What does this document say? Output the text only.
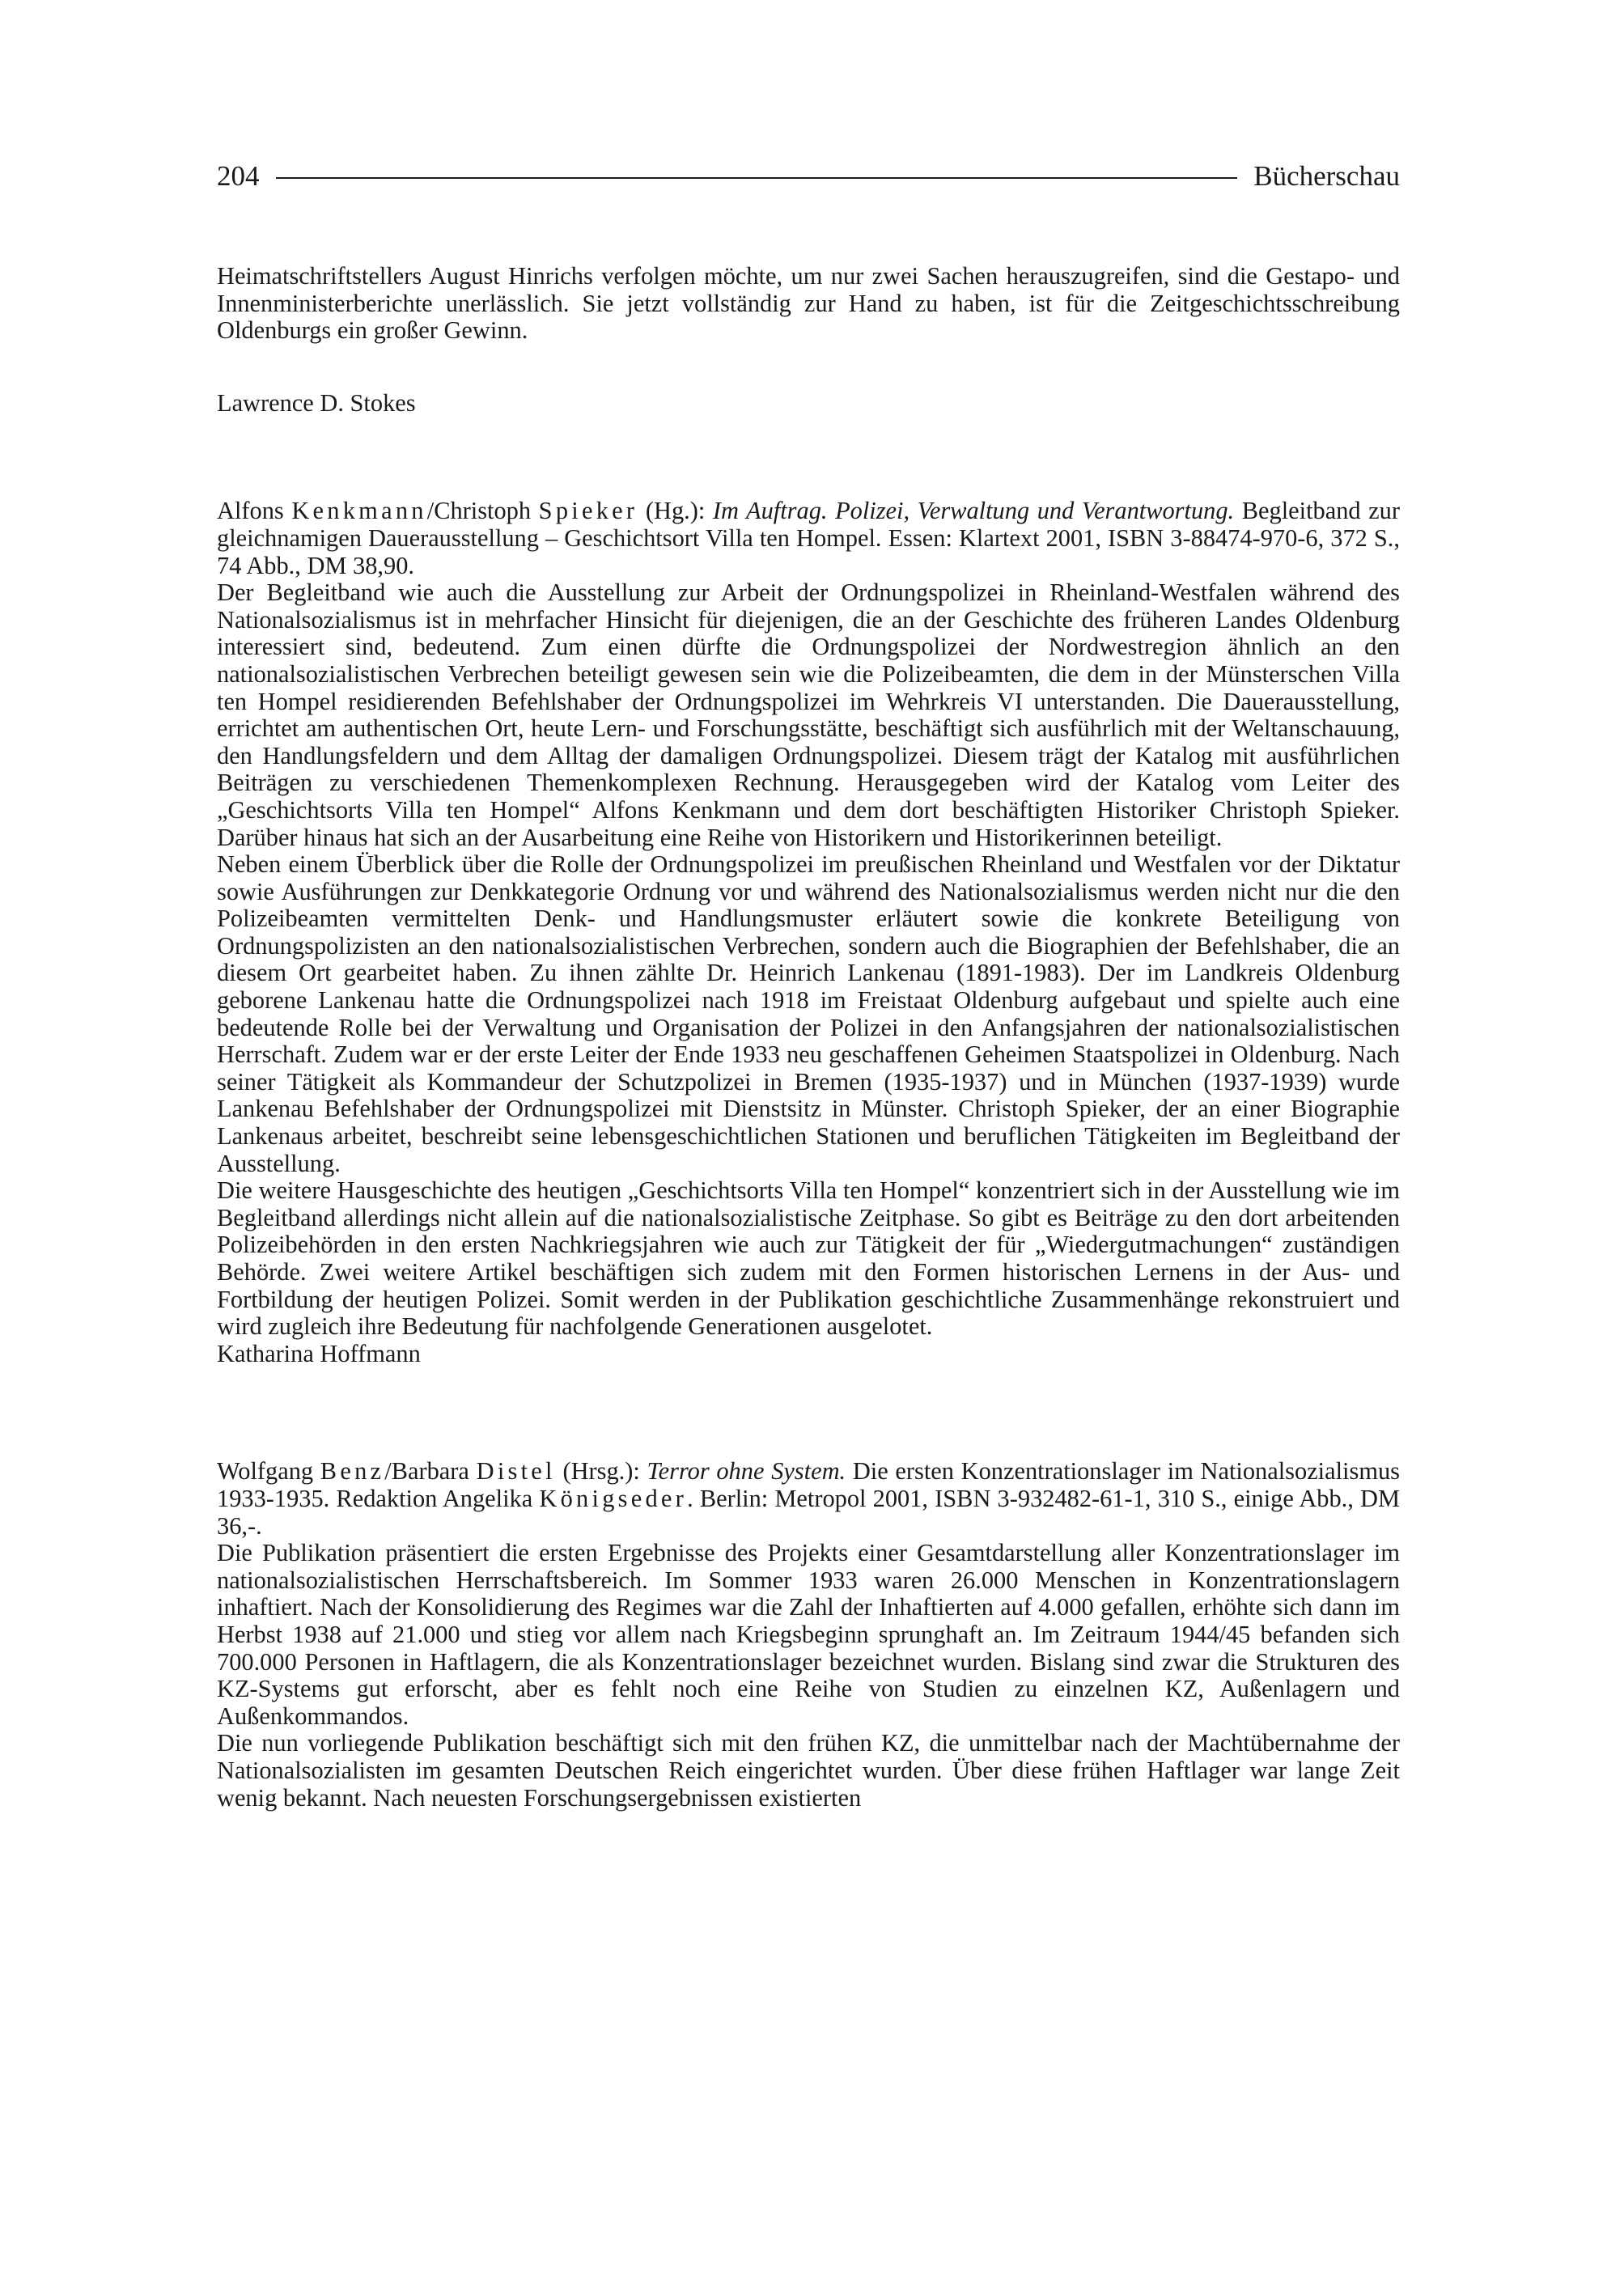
204	Bücherschau

Heimatschriftstellers August Hinrichs verfolgen möchte, um nur zwei Sachen herauszugreifen, sind die Gestapo- und Innenministerberichte unerlässlich. Sie jetzt vollständig zur Hand zu haben, ist für die Zeitgeschichtsschreibung Oldenburgs ein großer Gewinn.

Lawrence D. Stokes

Alfons Kenkmann/Christoph Spieker (Hg.): Im Auftrag. Polizei, Verwaltung und Verantwortung. Begleitband zur gleichnamigen Dauerausstellung – Geschichtsort Villa ten Hompel. Essen: Klartext 2001, ISBN 3-88474-970-6, 372 S., 74 Abb., DM 38,90.

Der Begleitband wie auch die Ausstellung zur Arbeit der Ordnungspolizei in Rheinland-Westfalen während des Nationalsozialismus ist in mehrfacher Hinsicht für diejenigen, die an der Geschichte des früheren Landes Oldenburg interessiert sind, bedeutend. Zum einen dürfte die Ordnungspolizei der Nordwestregion ähnlich an den nationalsozialistischen Verbrechen beteiligt gewesen sein wie die Polizeibeamten, die dem in der Münsterschen Villa ten Hompel residierenden Befehlshaber der Ordnungspolizei im Wehrkreis VI unterstanden. Die Dauerausstellung, errichtet am authentischen Ort, heute Lern- und Forschungsstätte, beschäftigt sich ausführlich mit der Weltanschauung, den Handlungsfeldern und dem Alltag der damaligen Ordnungspolizei. Diesem trägt der Katalog mit ausführlichen Beiträgen zu verschiedenen Themenkomplexen Rechnung. Herausgegeben wird der Katalog vom Leiter des „Geschichtsorts Villa ten Hompel“ Alfons Kenkmann und dem dort beschäftigten Historiker Christoph Spieker. Darüber hinaus hat sich an der Ausarbeitung eine Reihe von Historikern und Historikerinnen beteiligt.

Neben einem Überblick über die Rolle der Ordnungspolizei im preußischen Rheinland und Westfalen vor der Diktatur sowie Ausführungen zur Denkkategorie Ordnung vor und während des Nationalsozialismus werden nicht nur die den Polizeibeamten vermittelten Denk- und Handlungsmuster erläutert sowie die konkrete Beteiligung von Ordnungspolizisten an den nationalsozialistischen Verbrechen, sondern auch die Biographien der Befehlshaber, die an diesem Ort gearbeitet haben. Zu ihnen zählte Dr. Heinrich Lankenau (1891-1983). Der im Landkreis Oldenburg geborene Lankenau hatte die Ordnungspolizei nach 1918 im Freistaat Oldenburg aufgebaut und spielte auch eine bedeutende Rolle bei der Verwaltung und Organisation der Polizei in den Anfangsjahren der nationalsozialistischen Herrschaft. Zudem war er der erste Leiter der Ende 1933 neu geschaffenen Geheimen Staatspolizei in Oldenburg. Nach seiner Tätigkeit als Kommandeur der Schutzpolizei in Bremen (1935-1937) und in München (1937-1939) wurde Lankenau Befehlshaber der Ordnungspolizei mit Dienstsitz in Münster. Christoph Spieker, der an einer Biographie Lankenaus arbeitet, beschreibt seine lebensgeschichtlichen Stationen und beruflichen Tätigkeiten im Begleitband der Ausstellung.

Die weitere Hausgeschichte des heutigen „Geschichtsorts Villa ten Hompel“ konzentriert sich in der Ausstellung wie im Begleitband allerdings nicht allein auf die nationalsozialistische Zeitphase. So gibt es Beiträge zu den dort arbeitenden Polizeibehörden in den ersten Nachkriegsjahren wie auch zur Tätigkeit der für „Wiedergutmachungen“ zuständigen Behörde. Zwei weitere Artikel beschäftigen sich zudem mit den Formen historischen Lernens in der Aus- und Fortbildung der heutigen Polizei. Somit werden in der Publikation geschichtliche Zusammenhänge rekonstruiert und wird zugleich ihre Bedeutung für nachfolgende Generationen ausgelotet.

Katharina Hoffmann

Wolfgang Benz/Barbara Distel (Hrsg.): Terror ohne System. Die ersten Konzentrationslager im Nationalsozialismus 1933-1935. Redaktion Angelika Königseder. Berlin: Metropol 2001, ISBN 3-932482-61-1, 310 S., einige Abb., DM 36,-.

Die Publikation präsentiert die ersten Ergebnisse des Projekts einer Gesamtdarstellung aller Konzentrationslager im nationalsozialistischen Herrschaftsbereich. Im Sommer 1933 waren 26.000 Menschen in Konzentrationslagern inhaftiert. Nach der Konsolidierung des Regimes war die Zahl der Inhaftierten auf 4.000 gefallen, erhöhte sich dann im Herbst 1938 auf 21.000 und stieg vor allem nach Kriegsbeginn sprunghaft an. Im Zeitraum 1944/45 befanden sich 700.000 Personen in Haftlagern, die als Konzentrationslager bezeichnet wurden. Bislang sind zwar die Strukturen des KZ-Systems gut erforscht, aber es fehlt noch eine Reihe von Studien zu einzelnen KZ, Außenlagern und Außenkommandos.

Die nun vorliegende Publikation beschäftigt sich mit den frühen KZ, die unmittelbar nach der Machtübernahme der Nationalsozialisten im gesamten Deutschen Reich eingerichtet wurden. Über diese frühen Haftlager war lange Zeit wenig bekannt. Nach neuesten Forschungsergebnissen existierten
